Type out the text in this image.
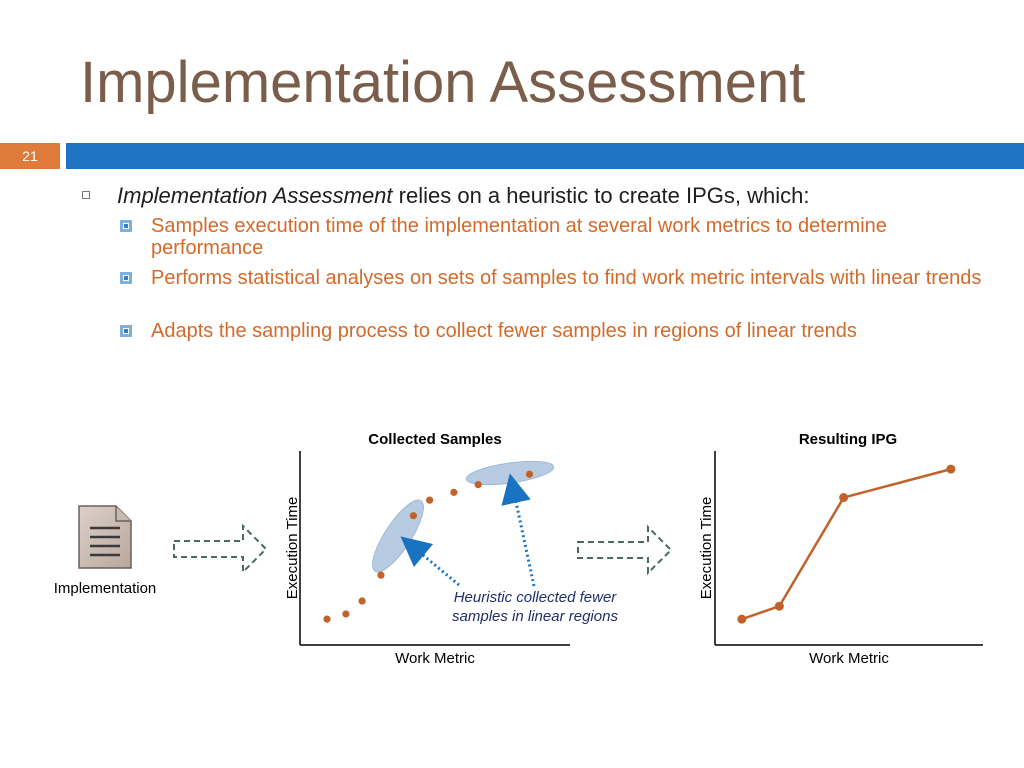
Implementation Assessment
21
Implementation Assessment relies on a heuristic to create IPGs, which:
Samples execution time of the implementation at several work metrics to determine performance
Performs statistical analyses on sets of samples to find work metric intervals with linear trends
Adapts the sampling process to collect fewer samples in regions of linear trends
Collected Samples
Work Metric
Execution Time	Heuristic collected fewer
samples in linear regions
Resulting IPG
Work Metric
Execution Time
Implementation
